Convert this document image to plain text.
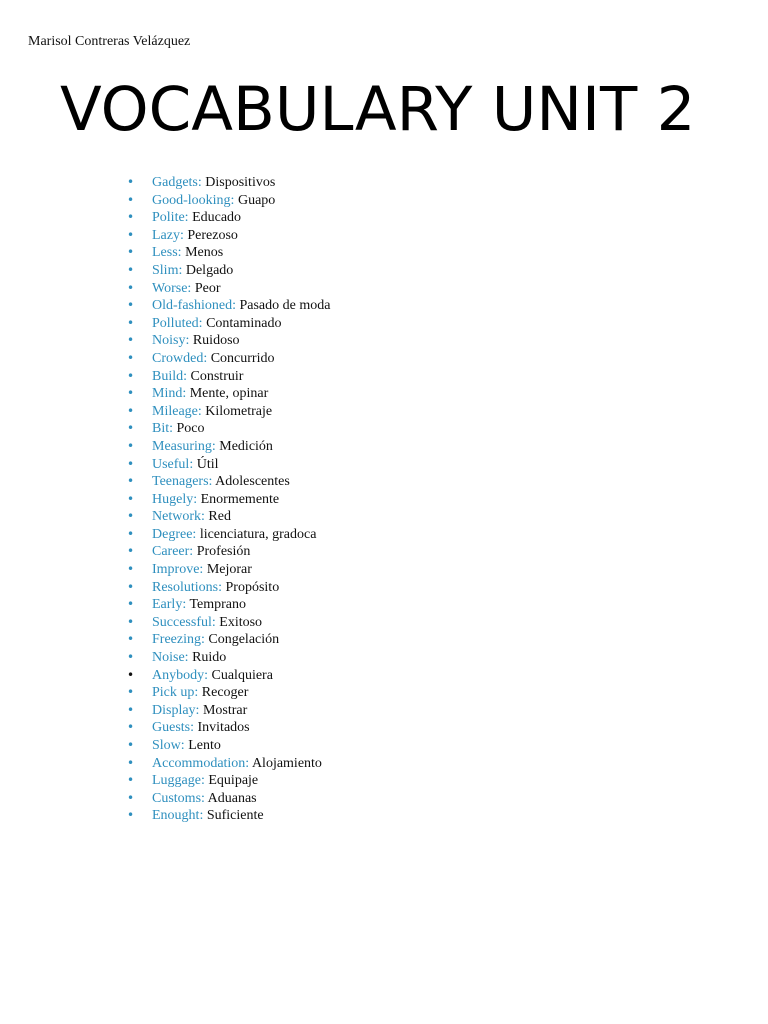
Marisol Contreras Velázquez
VOCABULARY UNIT 2
• Gadgets: Dispositivos
• Good-looking: Guapo
• Polite: Educado
• Lazy: Perezoso
• Less: Menos
• Slim: Delgado
• Worse: Peor
• Old-fashioned: Pasado de moda
• Polluted: Contaminado
• Noisy: Ruidoso
• Crowded: Concurrido
• Build: Construir
• Mind: Mente, opinar
• Mileage: Kilometraje
• Bit: Poco
• Measuring: Medición
• Useful: Útil
• Teenagers: Adolescentes
• Hugely: Enormemente
• Network: Red
• Degree: licenciatura, gradoca
• Career: Profesión
• Improve: Mejorar
• Resolutions: Propósito
• Early: Temprano
• Successful: Exitoso
• Freezing: Congelación
• Noise: Ruido
• Anybody: Cualquiera
• Pick up: Recoger
• Display: Mostrar
• Guests: Invitados
• Slow: Lento
• Accommodation: Alojamiento
• Luggage: Equipaje
• Customs: Aduanas
• Enought: Suficiente
